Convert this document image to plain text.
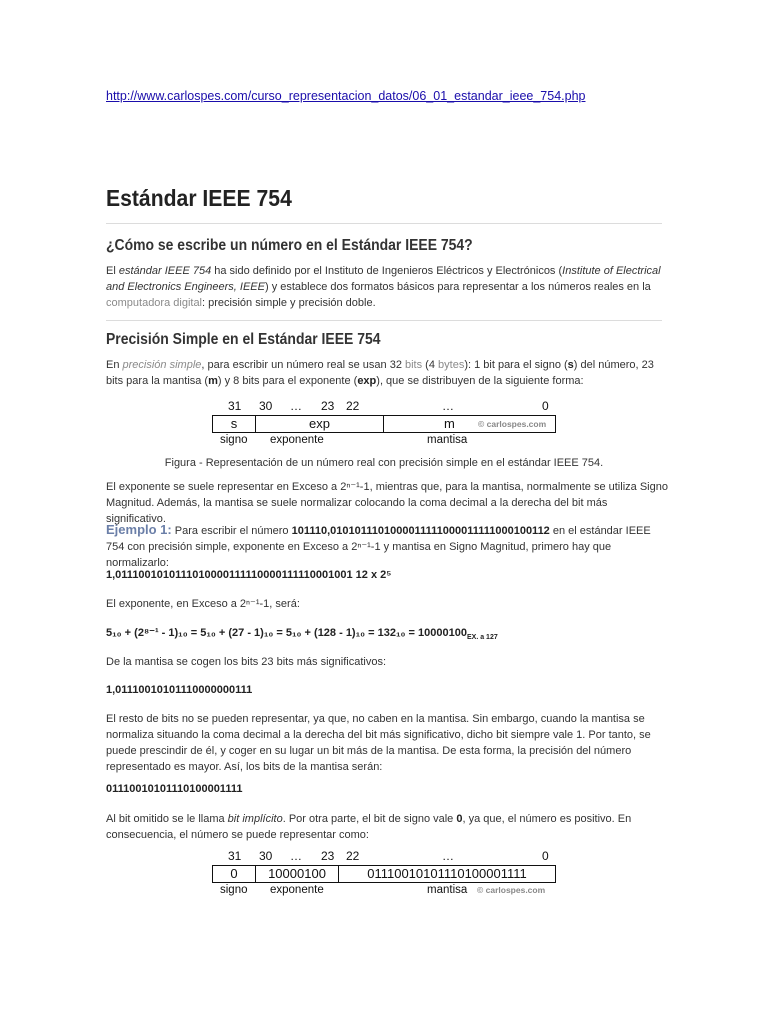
http://www.carlospes.com/curso_representacion_datos/06_01_estandar_ieee_754.php
Estándar IEEE 754
¿Cómo se escribe un número en el Estándar IEEE 754?
El estándar IEEE 754 ha sido definido por el Instituto de Ingenieros Eléctricos y Electrónicos (Institute of Electrical and Electronics Engineers, IEEE) y establece dos formatos básicos para representar a los números reales en la computadora digital: precisión simple y precisión doble.
Precisión Simple en el Estándar IEEE 754
En precisión simple, para escribir un número real se usan 32 bits (4 bytes): 1 bit para el signo (s) del número, 23 bits para la mantisa (m) y 8 bits para el exponente (exp), que se distribuyen de la siguiente forma:
31 30 … 23 22	…	0
s	exp	m	© carlospes.com
signo exponente	mantisa
Figura - Representación de un número real con precisión simple en el estándar IEEE 754.
El exponente se suele representar en Exceso a 2ⁿ⁻¹-1, mientras que, para la mantisa, normalmente se utiliza Signo Magnitud. Además, la mantisa se suele normalizar colocando la coma decimal a la derecha del bit más significativo.
Ejemplo 1: Para escribir el número 101110,0101011101000011111000011111000100112 en el estándar IEEE 754 con precisión simple, exponente en Exceso a 2ⁿ⁻¹-1 y mantisa en Signo Magnitud, primero hay que normalizarlo:
1,0111001010111010000111110000111110001001 12 x 2⁵
El exponente, en Exceso a 2ⁿ⁻¹-1, será:
$5_{10} + (2^{8-1} - 1)_{10} = 5_{10} + (27 - 1)_{10} = 5_{10} + (128 - 1)_{10} = 132_{10} = 10000100_{EX. a 127}$
De la mantisa se cogen los bits 23 bits más significativos:
1,01110010101110000000111
El resto de bits no se pueden representar, ya que, no caben en la mantisa. Sin embargo, cuando la mantisa se normaliza situando la coma decimal a la derecha del bit más significativo, dicho bit siempre vale 1. Por tanto, se puede prescindir de él, y coger en su lugar un bit más de la mantisa. De esta forma, la precisión del número representado es mayor. Así, los bits de la mantisa serán:
01110010101110100001111
Al bit omitido se le llama bit implícito. Por otra parte, el bit de signo vale 0, ya que, el número es positivo. En consecuencia, el número se puede representar como:
31 30 … 23 22	…	0
0	10000100	01110010101110100001111
signo exponente	mantisa © carlospes.com
